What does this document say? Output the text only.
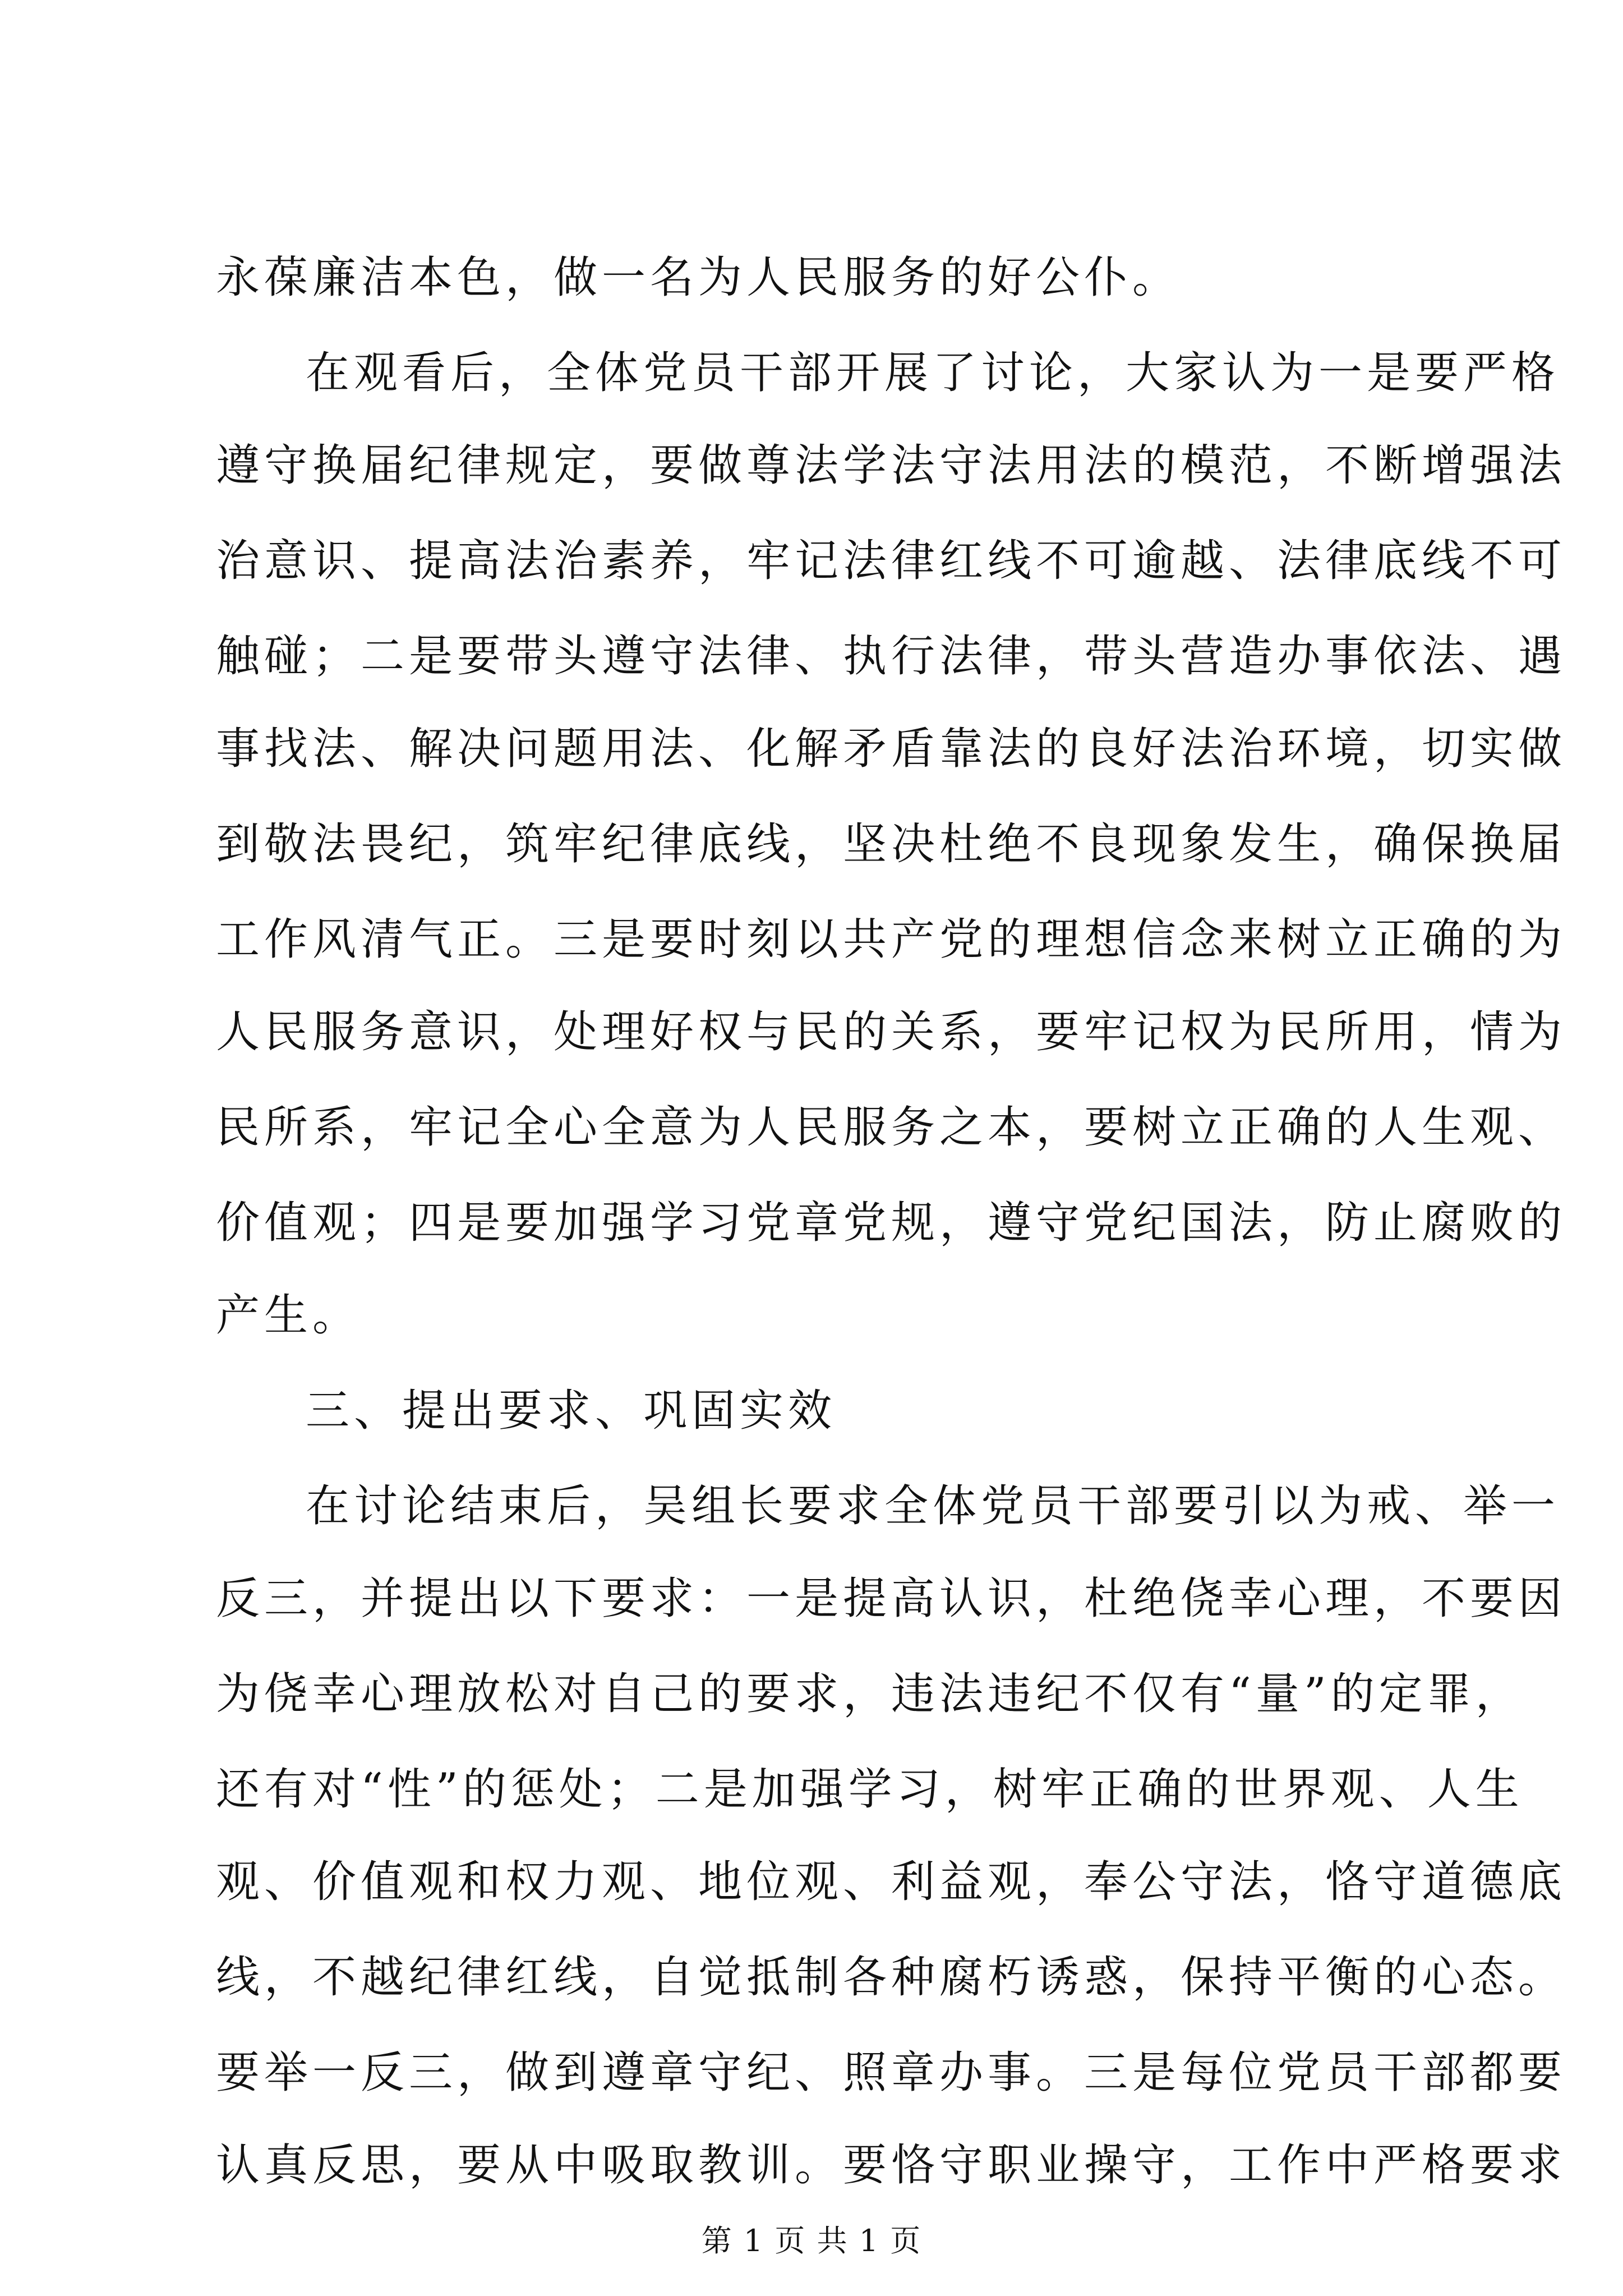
永葆廉洁本色，做一名为人民服务的好公仆。
在观看后，全体党员干部开展了讨论，大家认为一是要严格
遵守换届纪律规定，要做尊法学法守法用法的模范，不断增强法
治意识、提高法治素养，牢记法律红线不可逾越、法律底线不可
触碰；二是要带头遵守法律、执行法律，带头营造办事依法、遇
事找法、解决问题用法、化解矛盾靠法的良好法治环境，切实做
到敬法畏纪，筑牢纪律底线，坚决杜绝不良现象发生，确保换届
工作风清气正。三是要时刻以共产党的理想信念来树立正确的为
人民服务意识，处理好权与民的关系，要牢记权为民所用，情为
民所系，牢记全心全意为人民服务之本，要树立正确的人生观、
价值观；四是要加强学习党章党规，遵守党纪国法，防止腐败的
产生。
三、提出要求、巩固实效
在讨论结束后，吴组长要求全体党员干部要引以为戒、举一
反三，并提出以下要求：一是提高认识，杜绝侥幸心理，不要因
为侥幸心理放松对自己的要求，违法违纪不仅有“量”的定罪，
还有对“性”的惩处；二是加强学习，树牢正确的世界观、人生
观、价值观和权力观、地位观、利益观，奉公守法，恪守道德底
线，不越纪律红线，自觉抵制各种腐朽诱惑，保持平衡的心态。
要举一反三，做到遵章守纪、照章办事。三是每位党员干部都要
认真反思，要从中吸取教训。要恪守职业操守，工作中严格要求
第 1 页 共 1 页
